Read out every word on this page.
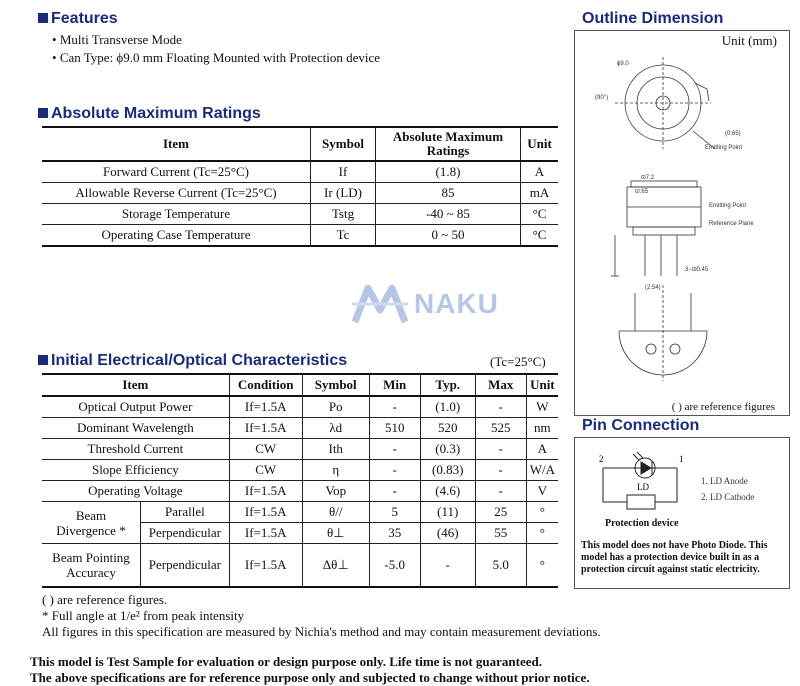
Features
• Multi Transverse Mode
• Can Type: ϕ9.0 mm Floating Mounted with Protection device
Absolute Maximum Ratings
Item	Symbol	Absolute Maximum Ratings	Unit
Forward Current (Tc=25°C)	If	(1.8)	A
Allowable Reverse Current (Tc=25°C)	Ir (LD)	85	mA
Storage Temperature	Tstg	-40 ~ 85	°C
Operating Case Temperature	Tc	0 ~ 50	°C
NAKU
Initial Electrical/Optical Characteristics	(Tc=25°C)
Item		Condition	Symbol	Min	Typ.	Max	Unit
Optical Output Power		If=1.5A	Po	-	(1.0)	-	W
Dominant Wavelength		If=1.5A	λd	510	520	525	nm
Threshold Current		CW	Ith	-	(0.3)	-	A
Slope Efficiency		CW	η	-	(0.83)	-	W/A
Operating Voltage		If=1.5A	Vop	-	(4.6)	-	V
Beam Divergence *	Parallel	If=1.5A	θ//	5	(11)	25	°
	Perpendicular	If=1.5A	θ⊥	35	(46)	55	°
Beam Pointing Accuracy	Perpendicular	If=1.5A	Δθ⊥	-5.0	-	5.0	°
( ) are reference figures.
* Full angle at 1/e² from peak intensity
All figures in this specification are measured by Nichia's method and may contain measurement deviations.
This model is Test Sample for evaluation or design purpose only. Life time is not guaranteed.
The above specifications are for reference purpose only and subjected to change without prior notice.
Outline Dimension
Unit (mm)
ϕ9.0
(90°)
(0.65)
Emitting Point
ϖ7.2
ϖ.65
Emitting Point
Reference Plane
3−ϖ0.45
(2.54)
( ) are reference figures
Pin Connection
2	1
LD
Protection device
1. LD Anode
2. LD Cathode
This model does not have Photo Diode. This model has a protection device built in as a protection circuit against static electricity.
